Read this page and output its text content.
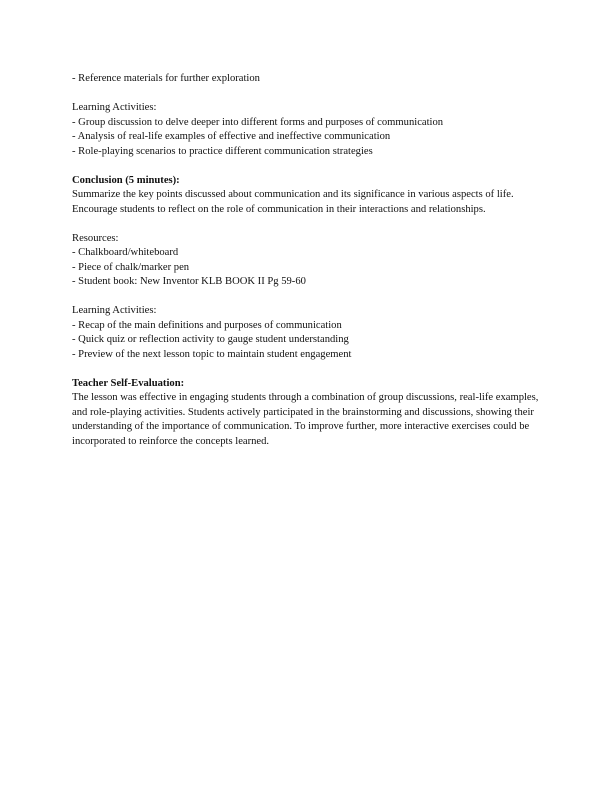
- Reference materials for further exploration
Learning Activities:
- Group discussion to delve deeper into different forms and purposes of communication
- Analysis of real-life examples of effective and ineffective communication
- Role-playing scenarios to practice different communication strategies
Conclusion (5 minutes):
Summarize the key points discussed about communication and its significance in various aspects of life. Encourage students to reflect on the role of communication in their interactions and relationships.
Resources:
- Chalkboard/whiteboard
- Piece of chalk/marker pen
- Student book: New Inventor KLB BOOK II Pg 59-60
Learning Activities:
- Recap of the main definitions and purposes of communication
- Quick quiz or reflection activity to gauge student understanding
- Preview of the next lesson topic to maintain student engagement
Teacher Self-Evaluation:
The lesson was effective in engaging students through a combination of group discussions, real-life examples, and role-playing activities. Students actively participated in the brainstorming and discussions, showing their understanding of the importance of communication. To improve further, more interactive exercises could be incorporated to reinforce the concepts learned.
